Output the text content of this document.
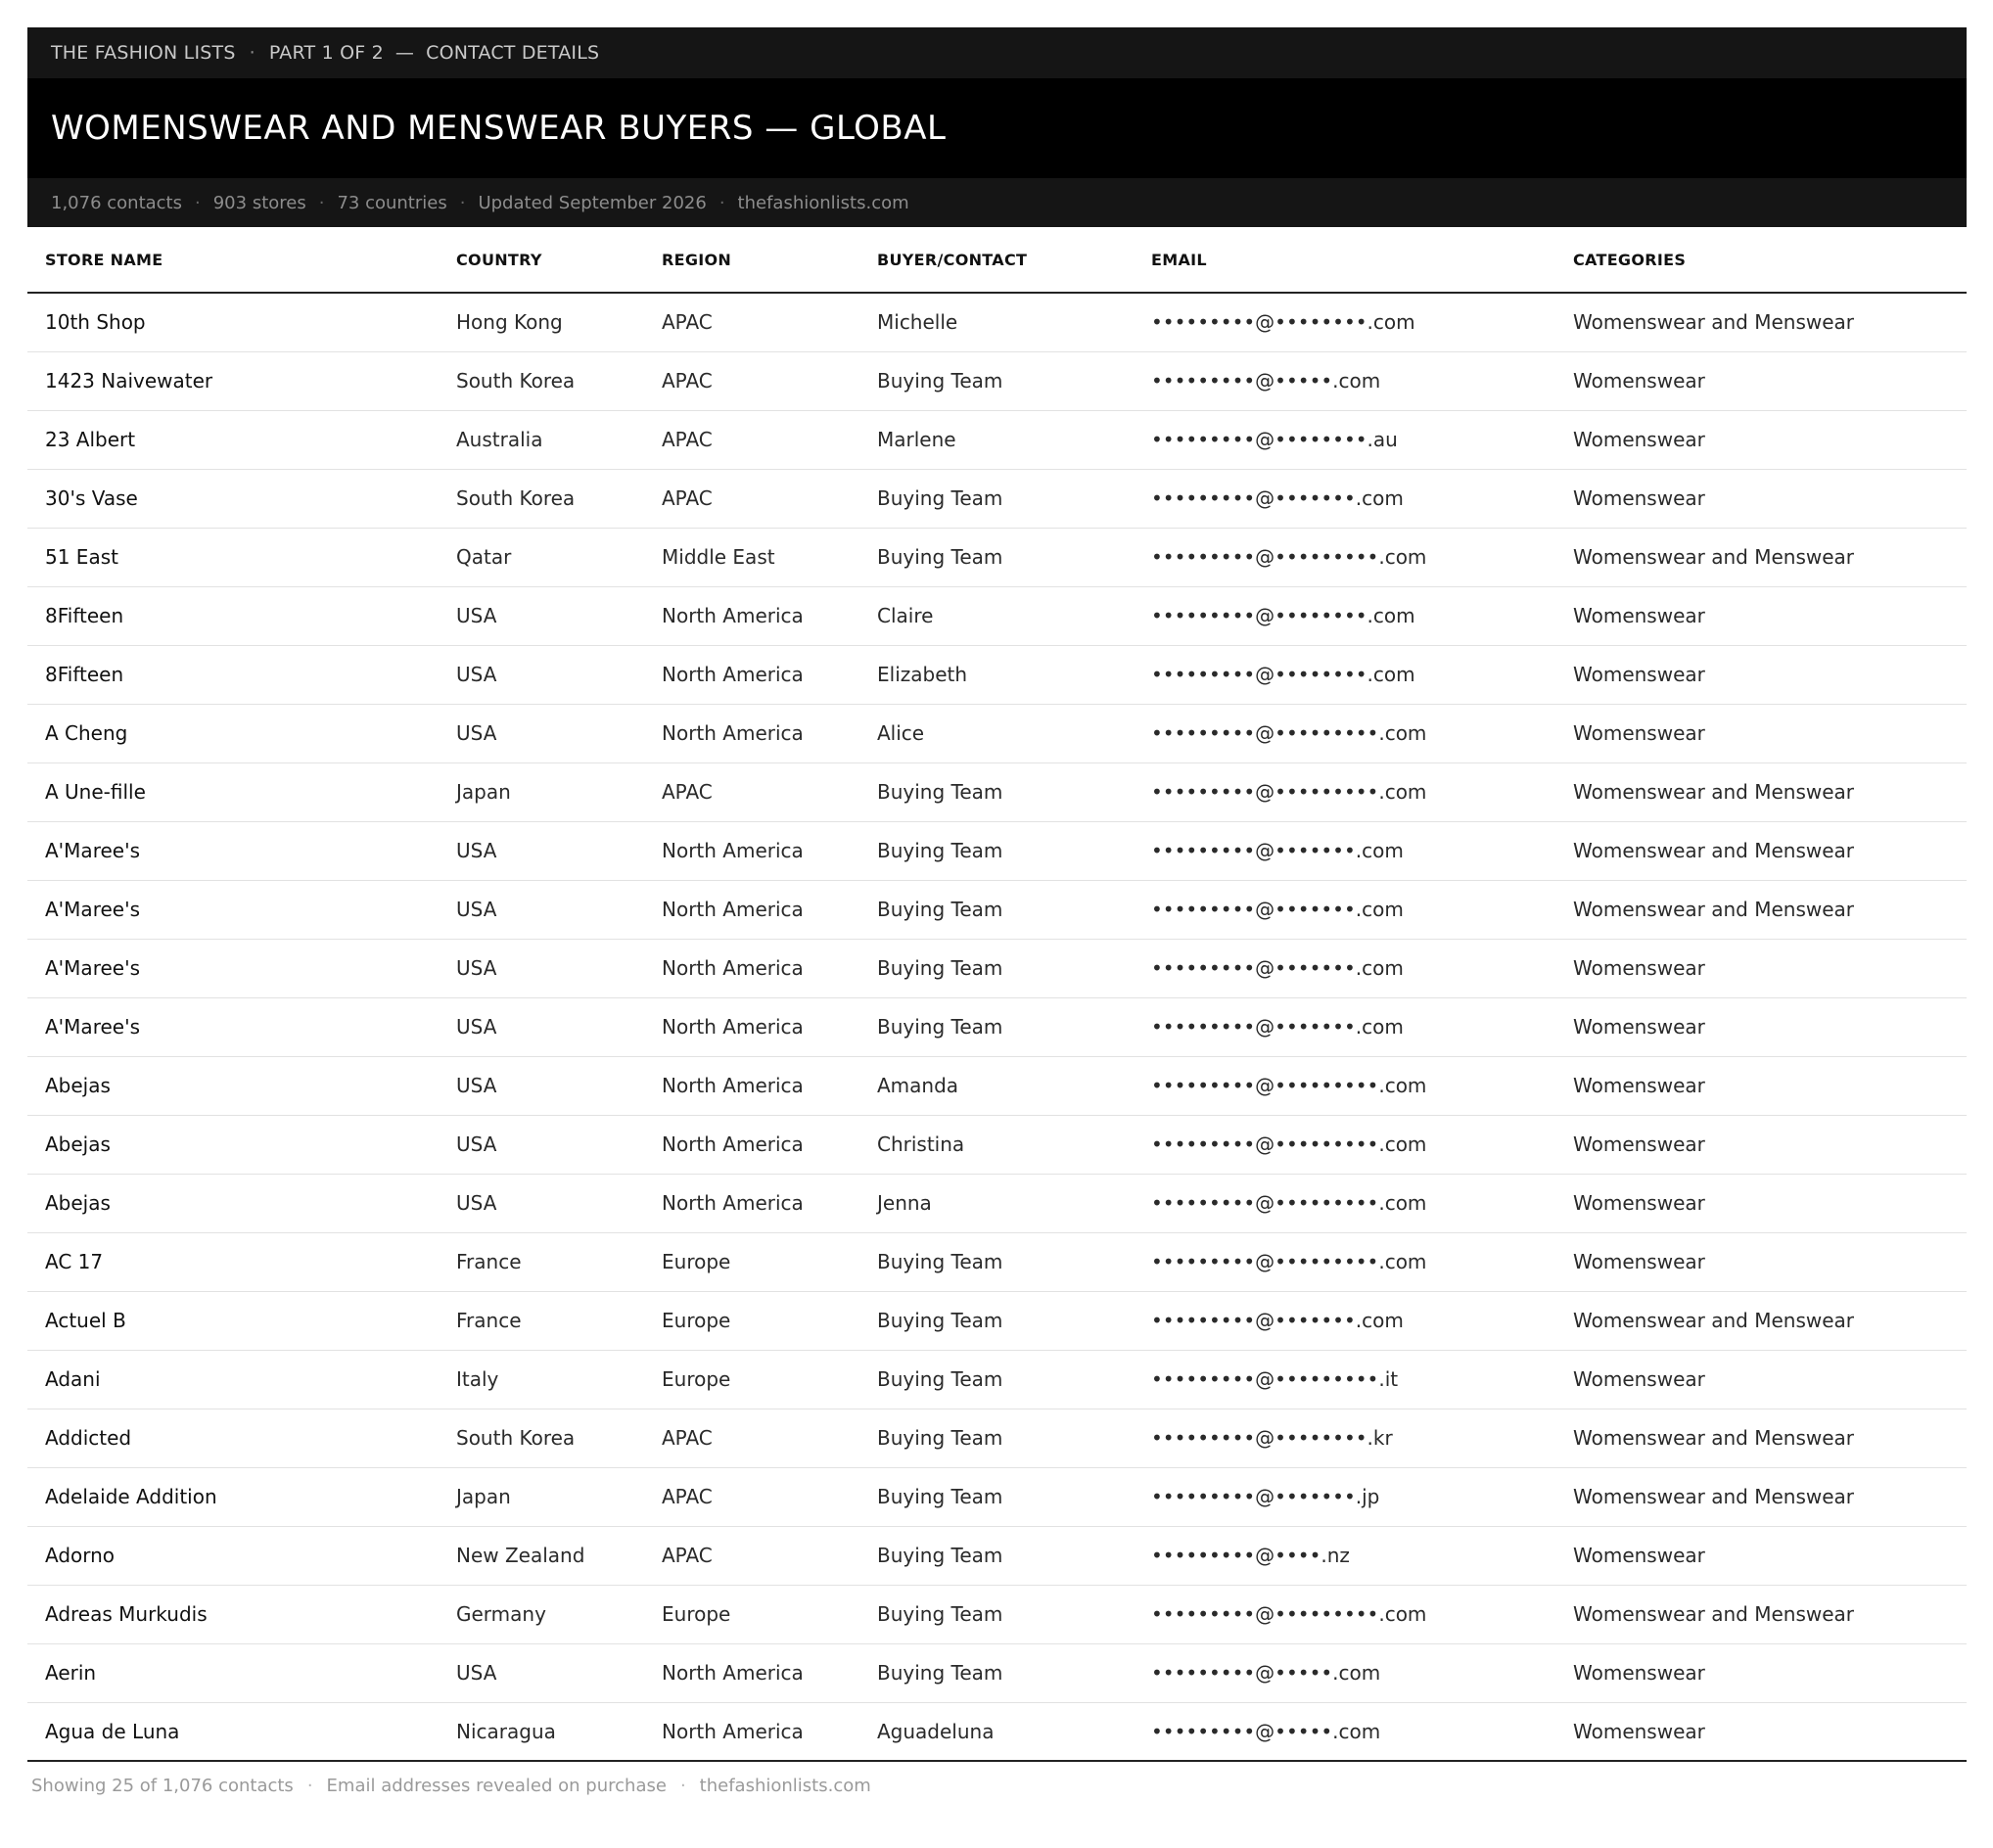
THE FASHION LISTS · PART 1 OF 2 — CONTACT DETAILS
WOMENSWEAR AND MENSWEAR BUYERS — GLOBAL
1,076 contacts · 903 stores · 73 countries · Updated September 2026 · thefashionlists.com
STORE NAME	COUNTRY	REGION	BUYER/CONTACT	EMAIL	CATEGORIES
10th Shop	Hong Kong	APAC	Michelle	•••••••••@••••••••.com	Womenswear and Menswear
1423 Naivewater	South Korea	APAC	Buying Team	•••••••••@•••••.com	Womenswear
23 Albert	Australia	APAC	Marlene	•••••••••@••••••••.au	Womenswear
30's Vase	South Korea	APAC	Buying Team	•••••••••@•••••••.com	Womenswear
51 East	Qatar	Middle East	Buying Team	•••••••••@•••••••••.com	Womenswear and Menswear
8Fifteen	USA	North America	Claire	•••••••••@••••••••.com	Womenswear
8Fifteen	USA	North America	Elizabeth	•••••••••@••••••••.com	Womenswear
A Cheng	USA	North America	Alice	•••••••••@•••••••••.com	Womenswear
A Une-fille	Japan	APAC	Buying Team	•••••••••@•••••••••.com	Womenswear and Menswear
A'Maree's	USA	North America	Buying Team	•••••••••@•••••••.com	Womenswear and Menswear
A'Maree's	USA	North America	Buying Team	•••••••••@•••••••.com	Womenswear and Menswear
A'Maree's	USA	North America	Buying Team	•••••••••@•••••••.com	Womenswear
A'Maree's	USA	North America	Buying Team	•••••••••@•••••••.com	Womenswear
Abejas	USA	North America	Amanda	•••••••••@•••••••••.com	Womenswear
Abejas	USA	North America	Christina	•••••••••@•••••••••.com	Womenswear
Abejas	USA	North America	Jenna	•••••••••@•••••••••.com	Womenswear
AC 17	France	Europe	Buying Team	•••••••••@•••••••••.com	Womenswear
Actuel B	France	Europe	Buying Team	•••••••••@•••••••.com	Womenswear and Menswear
Adani	Italy	Europe	Buying Team	•••••••••@•••••••••.it	Womenswear
Addicted	South Korea	APAC	Buying Team	•••••••••@••••••••.kr	Womenswear and Menswear
Adelaide Addition	Japan	APAC	Buying Team	•••••••••@•••••••.jp	Womenswear and Menswear
Adorno	New Zealand	APAC	Buying Team	•••••••••@••••.nz	Womenswear
Adreas Murkudis	Germany	Europe	Buying Team	•••••••••@•••••••••.com	Womenswear and Menswear
Aerin	USA	North America	Buying Team	•••••••••@•••••.com	Womenswear
Agua de Luna	Nicaragua	North America	Aguadeluna	•••••••••@•••••.com	Womenswear
Showing 25 of 1,076 contacts · Email addresses revealed on purchase · thefashionlists.com
